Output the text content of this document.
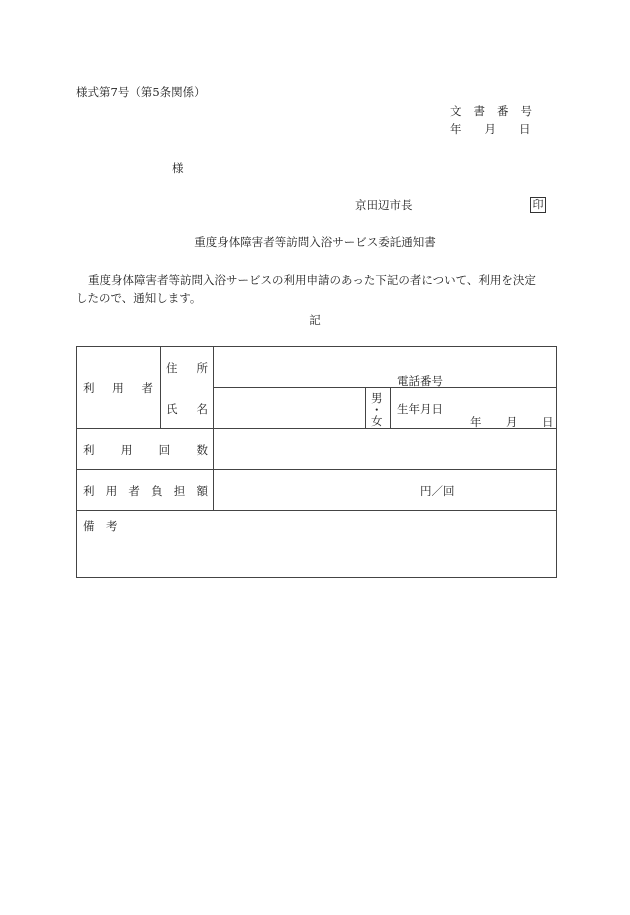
様式第7号（第5条関係）
文 書 番 号
年　　月　　日
様
京田辺市長	印
重度身体障害者等訪問入浴サービス委託通知書
重度身体障害者等訪問入浴サービスの利用申請のあった下記の者について、利用を決定
したので、通知します。
記
利 用 者
住 所
電話番号
氏 名
男
・
女
生年月日
年 月 日
利 用 回 数
利 用 者 負 担 額	円／回
備　考
